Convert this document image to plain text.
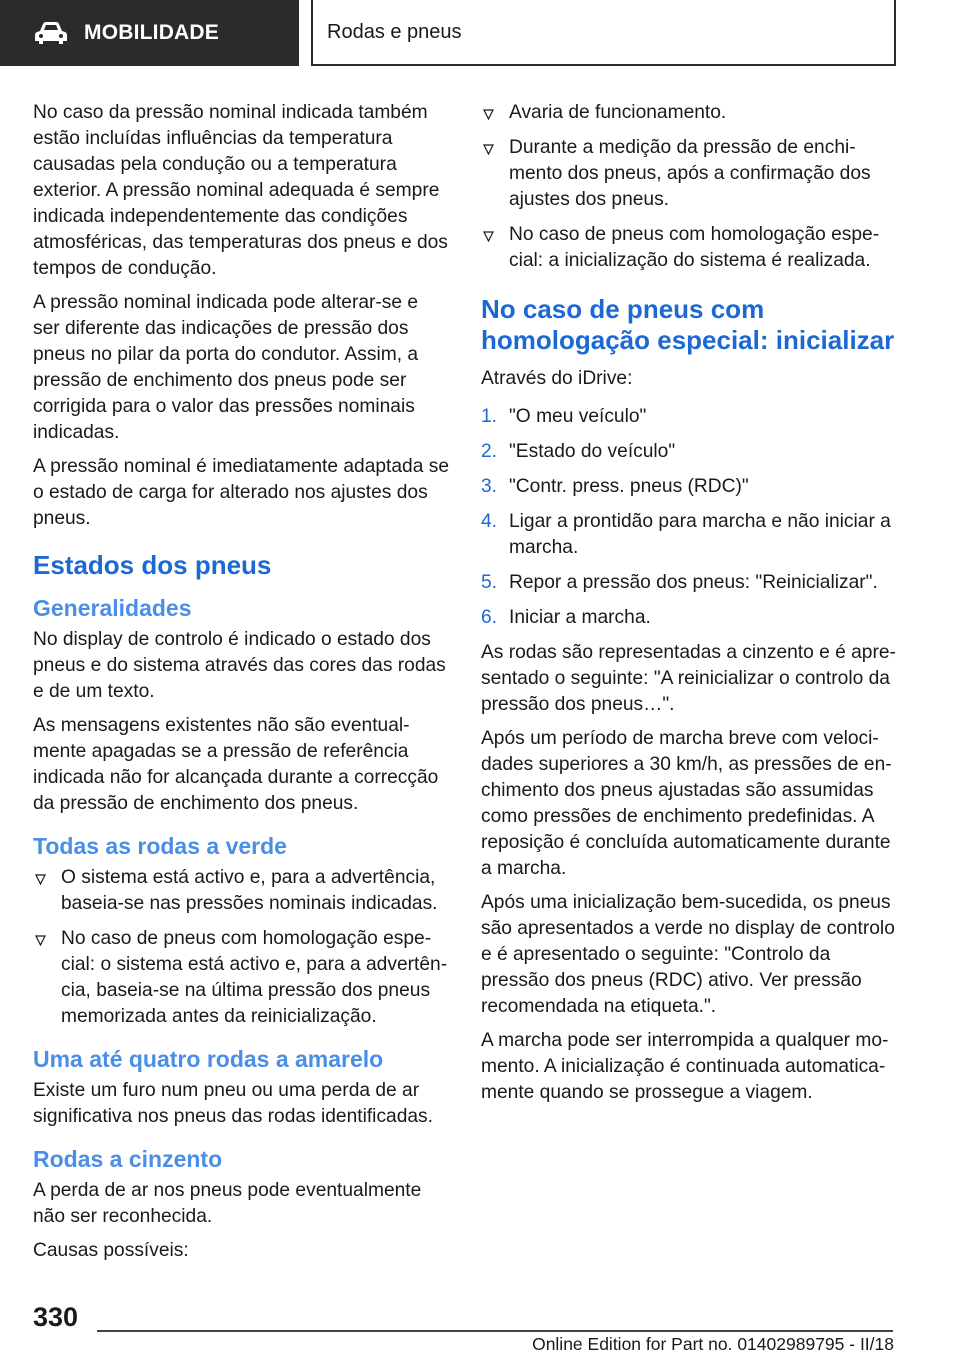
MOBILIDADE	Rodas e pneus

No caso da pressão nominal indicada também estão incluídas influências da temperatura causadas pela condução ou a temperatura exterior. A pressão nominal adequada é sempre indicada independentemente das condições atmosféricas, das temperaturas dos pneus e dos tempos de condução.

A pressão nominal indicada pode alterar-se e ser diferente das indicações de pressão dos pneus no pilar da porta do condutor. Assim, a pressão de enchimento dos pneus pode ser corrigida para o valor das pressões nominais indicadas.

A pressão nominal é imediatamente adaptada se o estado de carga for alterado nos ajustes dos pneus.

Estados dos pneus
Generalidades

No display de controlo é indicado o estado dos pneus e do sistema através das cores das rodas e de um texto.

As mensagens existentes não são eventualmente apagadas se a pressão de referência indicada não for alcançada durante a correcção da pressão de enchimento dos pneus.

Todas as rodas a verde
O sistema está activo e, para a advertência, baseia-se nas pressões nominais indicadas.
No caso de pneus com homologação especial: o sistema está activo e, para a advertência, baseia-se na última pressão dos pneus memorizada antes da reinicialização.
Uma até quatro rodas a amarelo

Existe um furo num pneu ou uma perda de ar significativa nos pneus das rodas identificadas.

Rodas a cinzento

A perda de ar nos pneus pode eventualmente não ser reconhecida.

Causas possíveis:

Avaria de funcionamento.
Durante a medição da pressão de enchimento dos pneus, após a confirmação dos ajustes dos pneus.
No caso de pneus com homologação especial: a inicialização do sistema é realizada.
No caso de pneus com homologação especial: inicializar

Através do iDrive:

1. "O meu veículo"
2. "Estado do veículo"
3. "Contr. press. pneus (RDC)"
4. Ligar a prontidão para marcha e não iniciar a marcha.
5. Repor a pressão dos pneus: "Reinicializar".
6. Iniciar a marcha.

As rodas são representadas a cinzento e é apresentado o seguinte: "A reinicializar o controlo da pressão dos pneus…".

Após um período de marcha breve com velocidades superiores a 30 km/h, as pressões de enchimento dos pneus ajustadas são assumidas como pressões de enchimento predefinidas. A reposição é concluída automaticamente durante a marcha.

Após uma inicialização bem-sucedida, os pneus são apresentados a verde no display de controlo e é apresentado o seguinte: "Controlo da pressão dos pneus (RDC) ativo. Ver pressão recomendada na etiqueta.".

A marcha pode ser interrompida a qualquer momento. A inicialização é continuada automaticamente quando se prossegue a viagem.

330
Online Edition for Part no. 01402989795 - II/18
